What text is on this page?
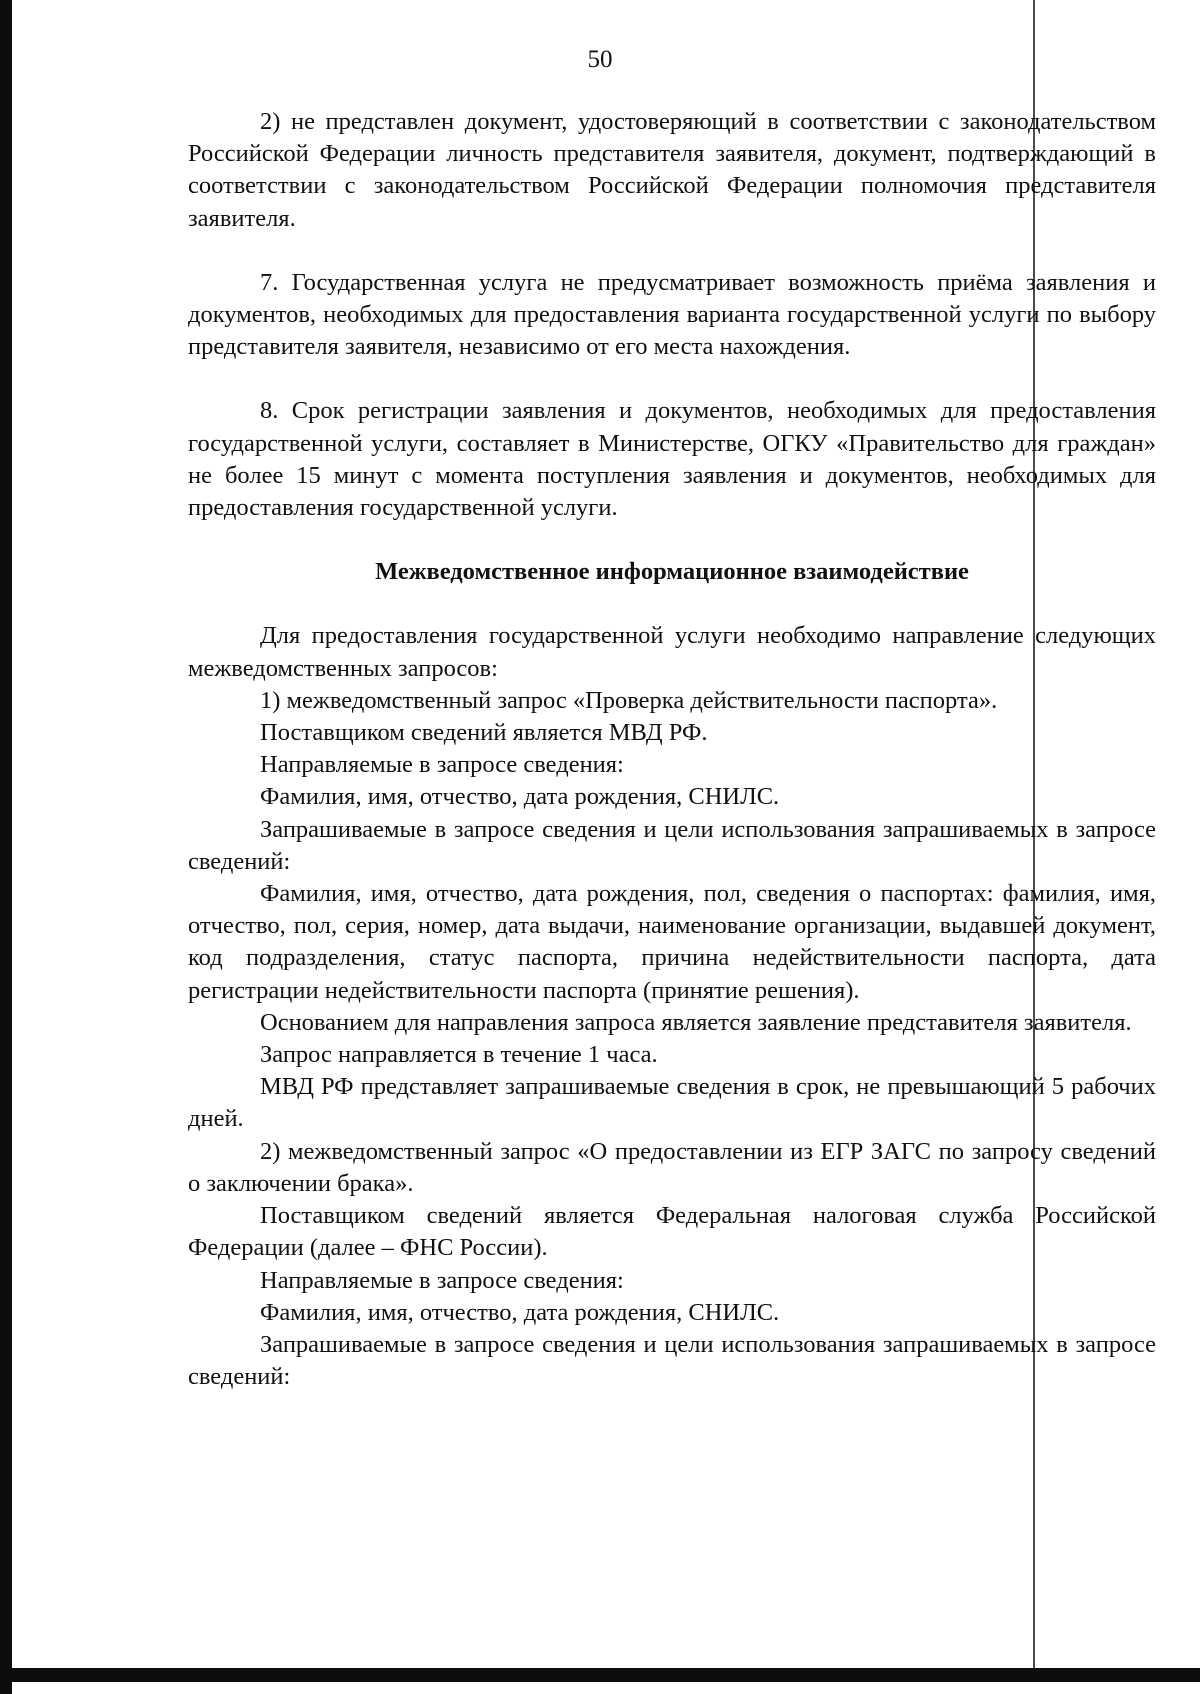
50

2) не представлен документ, удостоверяющий в соответствии с законодательством Российской Федерации личность представителя заявителя, документ, подтверждающий в соответствии с законодательством Российской Федерации полномочия представителя заявителя.

7. Государственная услуга не предусматривает возможность приёма заявления и документов, необходимых для предоставления варианта государственной услуги по выбору представителя заявителя, независимо от его места нахождения.

8. Срок регистрации заявления и документов, необходимых для предоставления государственной услуги, составляет в Министерстве, ОГКУ «Правительство для граждан» не более 15 минут с момента поступления заявления и документов, необходимых для предоставления государственной услуги.

Межведомственное информационное взаимодействие

Для предоставления государственной услуги необходимо направление следующих межведомственных запросов:

1) межведомственный запрос «Проверка действительности паспорта».

Поставщиком сведений является МВД РФ.

Направляемые в запросе сведения:

Фамилия, имя, отчество, дата рождения, СНИЛС.

Запрашиваемые в запросе сведения и цели использования запрашиваемых в запросе сведений:

Фамилия, имя, отчество, дата рождения, пол, сведения о паспортах: фамилия, имя, отчество, пол, серия, номер, дата выдачи, наименование организации, выдавшей документ, код подразделения, статус паспорта, причина недействительности паспорта, дата регистрации недействительности паспорта (принятие решения).

Основанием для направления запроса является заявление представителя заявителя.

Запрос направляется в течение 1 часа.

МВД РФ представляет запрашиваемые сведения в срок, не превышающий 5 рабочих дней.

2) межведомственный запрос «О предоставлении из ЕГР ЗАГС по запросу сведений о заключении брака».

Поставщиком сведений является Федеральная налоговая служба Российской Федерации (далее – ФНС России).

Направляемые в запросе сведения:

Фамилия, имя, отчество, дата рождения, СНИЛС.

Запрашиваемые в запросе сведения и цели использования запрашиваемых в запросе сведений:
